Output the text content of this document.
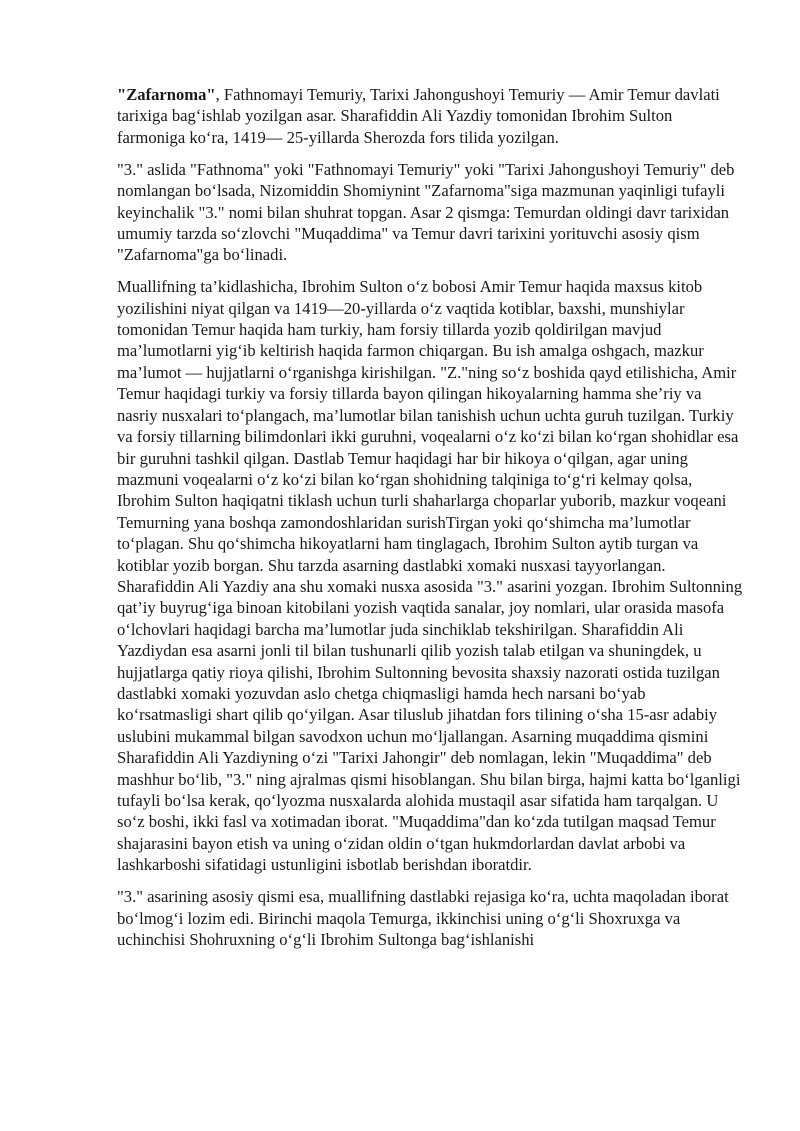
"Zafarnoma", Fathnomayi Temuriy, Tarixi Jahongushoyi Temuriy — Amir Temur davlati tarixiga bag‘ishlab yozilgan asar. Sharafiddin Ali Yazdiy tomonidan Ibrohim Sulton farmoniga ko‘ra, 1419— 25-yillarda Sherozda fors tilida yozilgan.

"3." aslida "Fathnoma" yoki "Fathnomayi Temuriy" yoki "Tarixi Jahongushoyi Temuriy" deb nomlangan bo‘lsada, Nizomiddin Shomiynint "Zafarnoma"siga mazmunan yaqinligi tufayli keyinchalik "3." nomi bilan shuhrat topgan. Asar 2 qismga: Temurdan oldingi davr tarixidan umumiy tarzda so‘zlovchi "Muqaddima" va Temur davri tarixini yorituvchi asosiy qism "Zafarnoma"ga bo‘linadi.

Muallifning ta’kidlashicha, Ibrohim Sulton o‘z bobosi Amir Temur haqida maxsus kitob yozilishini niyat qilgan va 1419—20-yillarda o‘z vaqtida kotiblar, baxshi, munshiylar tomonidan Temur haqida ham turkiy, ham forsiy tillarda yozib qoldirilgan mavjud ma’lumotlarni yig‘ib keltirish haqida farmon chiqargan. Bu ish amalga oshgach, mazkur ma’lumot — hujjatlarni o‘rganishga kirishilgan. "Z."ning so‘z boshida qayd etilishicha, Amir Temur haqidagi turkiy va forsiy tillarda bayon qilingan hikoyalarning hamma she’riy va nasriy nusxalari to‘plangach, ma’lumotlar bilan tanishish uchun uchta guruh tuzilgan. Turkiy va forsiy tillarning bilimdonlari ikki guruhni, voqealarni o‘z ko‘zi bilan ko‘rgan shohidlar esa bir guruhni tashkil qilgan. Dastlab Temur haqidagi har bir hikoya o‘qilgan, agar uning mazmuni voqealarni o‘z ko‘zi bilan ko‘rgan shohidning talqiniga to‘g‘ri kelmay qolsa, Ibrohim Sulton haqiqatni tiklash uchun turli shaharlarga choparlar yuborib, mazkur voqeani Temurning yana boshqa zamondoshlaridan surishTirgan yoki qo‘shimcha ma’lumotlar to‘plagan. Shu qo‘shimcha hikoyatlarni ham tinglagach, Ibrohim Sulton aytib turgan va kotiblar yozib borgan. Shu tarzda asarning dastlabki xomaki nusxasi tayyorlangan. Sharafiddin Ali Yazdiy ana shu xomaki nusxa asosida "3." asarini yozgan. Ibrohim Sultonning qat’iy buyrug‘iga binoan kitobilani yozish vaqtida sanalar, joy nomlari, ular orasida masofa o‘lchovlari haqidagi barcha ma’lumotlar juda sinchiklab tekshirilgan. Sharafiddin Ali Yazdiydan esa asarni jonli til bilan tushunarli qilib yozish talab etilgan va shuningdek, u hujjatlarga qatiy rioya qilishi, Ibrohim Sultonning bevosita shaxsiy nazorati ostida tuzilgan dastlabki xomaki yozuvdan aslo chetga chiqmasligi hamda hech narsani bo‘yab ko‘rsatmasligi shart qilib qo‘yilgan. Asar tiluslub jihatdan fors tilining o‘sha 15-asr adabiy uslubini mukammal bilgan savodxon uchun mo‘ljallangan. Asarning muqaddima qismini Sharafiddin Ali Yazdiyning o‘zi "Tarixi Jahongir" deb nomlagan, lekin "Muqaddima" deb mashhur bo‘lib, "3." ning ajralmas qismi hisoblangan. Shu bilan birga, hajmi katta bo‘lganligi tufayli bo‘lsa kerak, qo‘lyozma nusxalarda alohida mustaqil asar sifatida ham tarqalgan. U so‘z boshi, ikki fasl va xotimadan iborat. "Muqaddima"dan ko‘zda tutilgan maqsad Temur shajarasini bayon etish va uning o‘zidan oldin o‘tgan hukmdorlardan davlat arbobi va lashkarboshi sifatidagi ustunligini isbotlab berishdan iboratdir.

"3." asarining asosiy qismi esa, muallifning dastlabki rejasiga ko‘ra, uchta maqoladan iborat bo‘lmog‘i lozim edi. Birinchi maqola Temurga, ikkinchisi uning o‘g‘li Shoxruxga va uchinchisi Shohruxning o‘g‘li Ibrohim Sultonga bag‘ishlanishi
